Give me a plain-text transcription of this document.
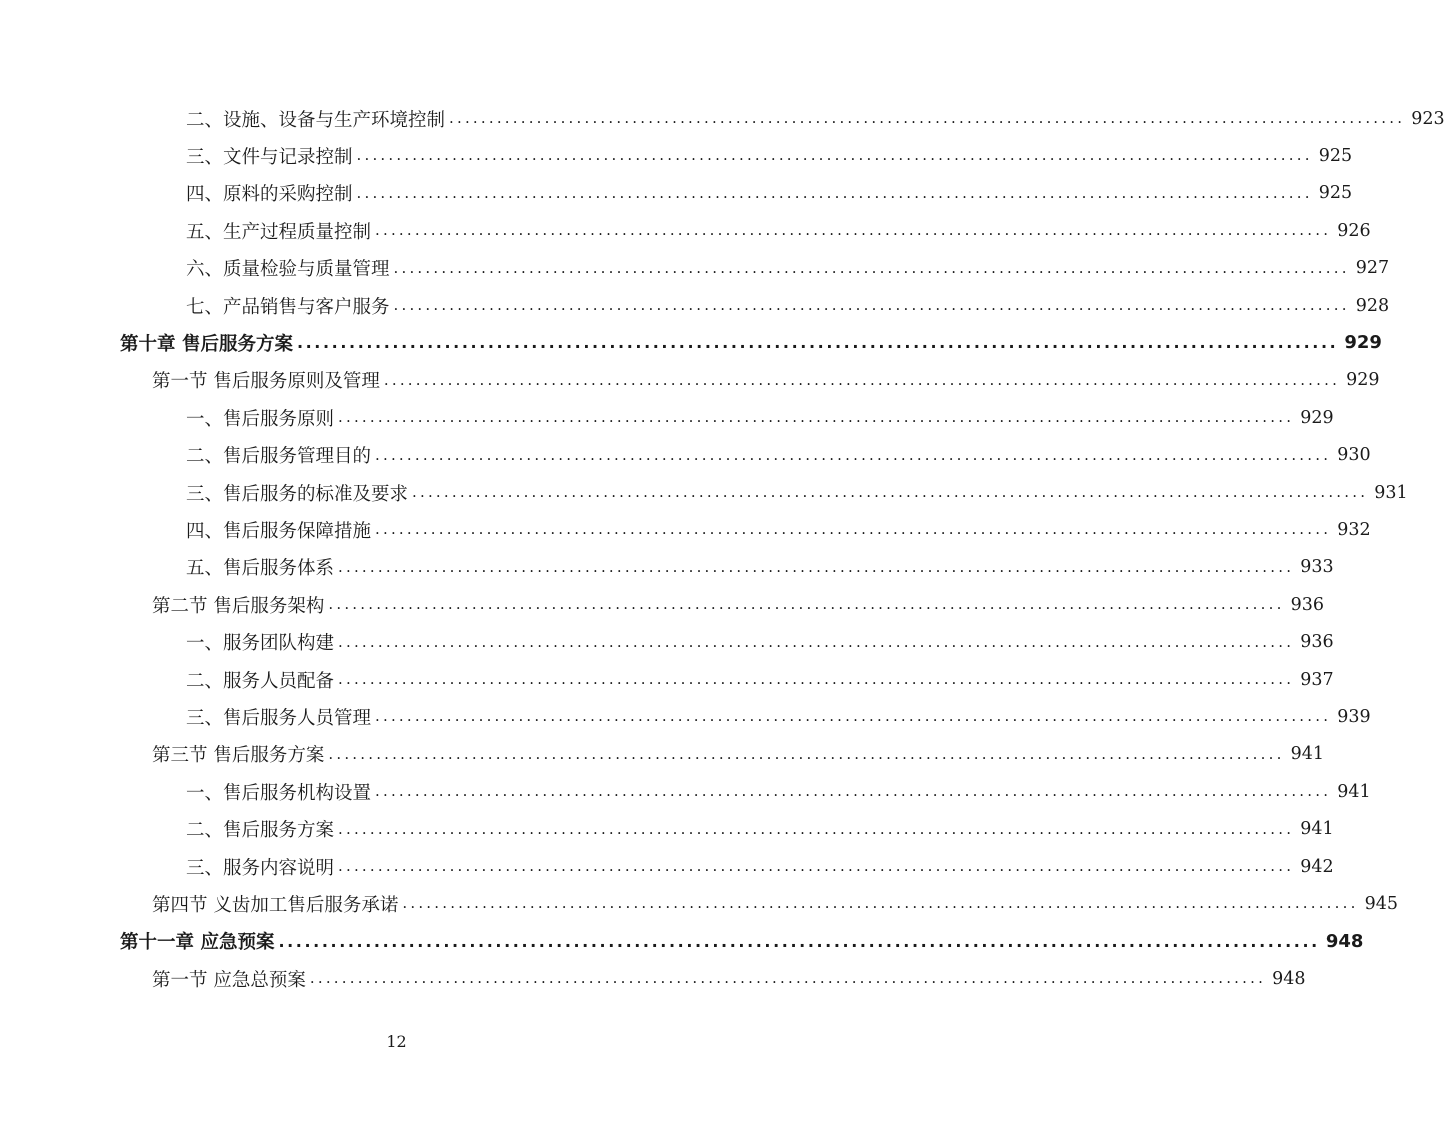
二、设施、设备与生产环境控制 ........................................................................................................................ 923
三、文件与记录控制 ........................................................................................................................ 925
四、原料的采购控制 ........................................................................................................................ 925
五、生产过程质量控制 ........................................................................................................................ 926
六、质量检验与质量管理 ........................................................................................................................ 927
七、产品销售与客户服务 ........................................................................................................................ 928
第十章 售后服务方案 ........................................................................................................................ 929
第一节 售后服务原则及管理 ........................................................................................................................ 929
一、售后服务原则 ........................................................................................................................ 929
二、售后服务管理目的 ........................................................................................................................ 930
三、售后服务的标准及要求 ........................................................................................................................ 931
四、售后服务保障措施 ........................................................................................................................ 932
五、售后服务体系 ........................................................................................................................ 933
第二节 售后服务架构 ........................................................................................................................ 936
一、服务团队构建 ........................................................................................................................ 936
二、服务人员配备 ........................................................................................................................ 937
三、售后服务人员管理 ........................................................................................................................ 939
第三节 售后服务方案 ........................................................................................................................ 941
一、售后服务机构设置 ........................................................................................................................ 941
二、售后服务方案 ........................................................................................................................ 941
三、服务内容说明 ........................................................................................................................ 942
第四节 义齿加工售后服务承诺 ........................................................................................................................ 945
第十一章 应急预案 ........................................................................................................................ 948
第一节 应急总预案 ........................................................................................................................ 948
12
